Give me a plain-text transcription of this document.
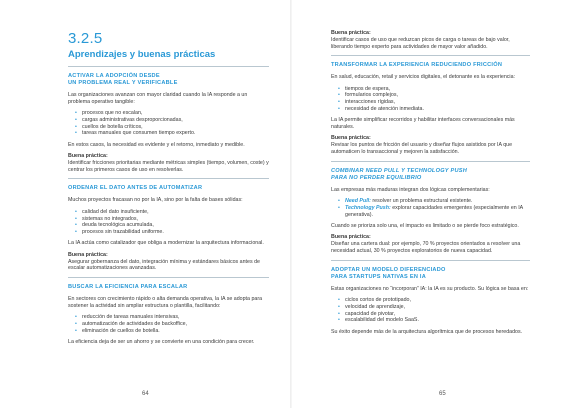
3.2.5
Aprendizajes y buenas prácticas
ACTIVAR LA ADOPCIÓN DESDE
UN PROBLEMA REAL Y VERIFICABLE

Las organizaciones avanzan con mayor claridad cuando la IA responde a un problema operativo tangible:

• procesos que no escalan,
• cargas administrativas desproporcionadas,
• cuellos de botella críticos,
• tareas manuales que consumen tiempo experto.

En estos casos, la necesidad es evidente y el retorno, inmediato y medible.

Buena práctica:

Identificar fricciones prioritarias mediante métricas simples (tiempo, volumen, coste) y centrar los primeros casos de uso en resolverlas.

ORDENAR EL DATO ANTES DE AUTOMATIZAR

Muchos proyectos fracasan no por la IA, sino por la falta de bases sólidas:

• calidad del dato insuficiente,
• sistemas no integrados,
• deuda tecnológica acumulada,
• procesos sin trazabilidad uniforme.

La IA actúa como catalizador que obliga a modernizar la arquitectura informacional.

Buena práctica:

Asegurar gobernanza del dato, integración mínima y estándares básicos antes de escalar automatizaciones avanzadas.

BUSCAR LA EFICIENCIA PARA ESCALAR

En sectores con crecimiento rápido o alta demanda operativa, la IA se adopta para sostener la actividad sin ampliar estructura o plantilla, facilitando:

• reducción de tareas manuales intensivas,
• automatización de actividades de backoffice,
• eliminación de cuellos de botella.

La eficiencia deja de ser un ahorro y se convierte en una condición para crecer.

64
Buena práctica:

Identificar casos de uso que reduzcan picos de carga o tareas de bajo valor, liberando tiempo experto para actividades de mayor valor añadido.

TRANSFORMAR LA EXPERIENCIA REDUCIENDO FRICCIÓN

En salud, educación, retail y servicios digitales, el detonante es la experiencia:

• tiempos de espera,
• formularios complejos,
• interacciones rígidas,
• necesidad de atención inmediata.

La IA permite simplificar recorridos y habilitar interfaces conversacionales más naturales.

Buena práctica:

Revisar los puntos de fricción del usuario y diseñar flujos asistidos por IA que automaticen lo transaccional y mejoren la satisfacción.

COMBINAR NEED PULL Y TECHNOLOGY PUSH
PARA NO PERDER EQUILIBRIO

Las empresas más maduras integran dos lógicas complementarias:

• Need Pull: resolver un problema estructural existente.
• Technology Push: explorar capacidades emergentes (especialmente en IA generativa).

Cuando se prioriza solo una, el impacto es limitado o se pierde foco estratégico.

Buena práctica:

Diseñar una cartera dual: por ejemplo, 70 % proyectos orientados a resolver una necesidad actual, 30 % proyectos exploratorios de nueva capacidad.

ADOPTAR UN MODELO DIFERENCIADO
PARA STARTUPS NATIVAS EN IA

Estas organizaciones no “incorporan” IA: la IA es su producto. Su lógica se basa en:

• ciclos cortos de prototipado,
• velocidad de aprendizaje,
• capacidad de pivotar,
• escalabilidad del modelo SaaS.

Su éxito depende más de la arquitectura algorítmica que de procesos heredados.

65
